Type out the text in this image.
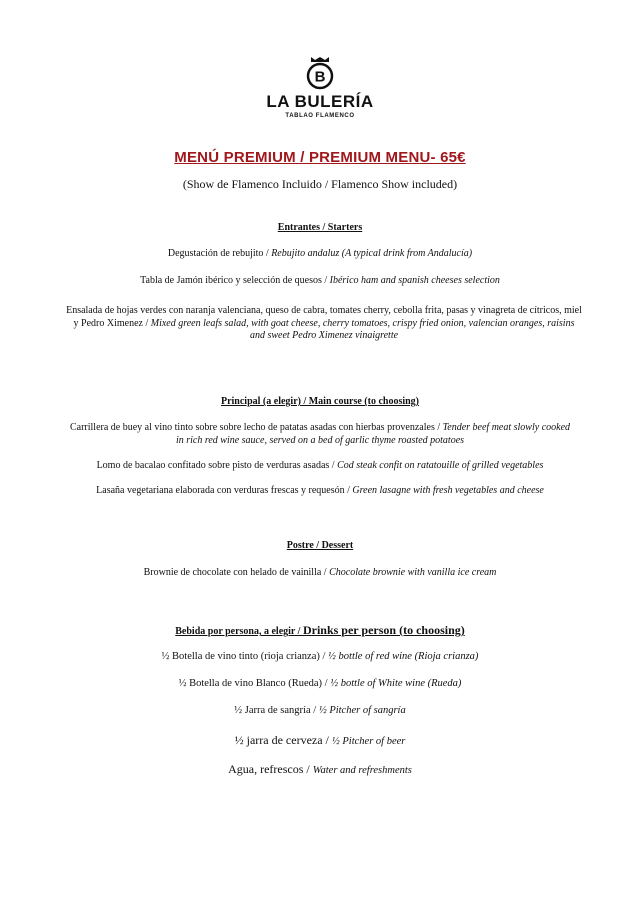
B
LA BULERÍA
TABLAO FLAMENCO
MENÚ PREMIUM / PREMIUM MENU- 65€
(Show de Flamenco Incluido / Flamenco Show included)
Entrantes / Starters
Degustación de rebujito / Rebujito andaluz (A typical drink from Andalucía)
Tabla de Jamón ibérico y selección de quesos / Ibérico ham and spanish cheeses selection
Ensalada de hojas verdes con naranja valenciana, queso de cabra, tomates cherry, cebolla frita, pasas y vinagreta de cítricos, miel y Pedro Ximenez / Mixed green leafs salad, with goat cheese, cherry tomatoes, crispy fried onion, valencian oranges, raisins and sweet Pedro Ximenez vinaigrette
Principal (a elegir) / Main course (to choosing)
Carrillera de buey al vino tinto sobre sobre lecho de patatas asadas con hierbas provenzales / Tender beef meat slowly cooked in rich red wine sauce, served on a bed of garlic thyme roasted potatoes
Lomo de bacalao confitado sobre pisto de verduras asadas / Cod steak confit on ratatouille of grilled vegetables
Lasaña vegetariana elaborada con verduras frescas y requesón / Green lasagne with fresh vegetables and cheese
Postre / Dessert
Brownie de chocolate con helado de vainilla / Chocolate brownie with vanilla ice cream
Bebida por persona, a elegir / Drinks per person (to choosing)
½ Botella de vino tinto (rioja crianza) / ½ bottle of red wine (Rioja crianza)
½ Botella de vino Blanco (Rueda) / ½ bottle of White wine (Rueda)
½ Jarra de sangría / ½ Pitcher of sangría
½ jarra de cerveza / ½ Pitcher of beer
Agua, refrescos / Water and refreshments
